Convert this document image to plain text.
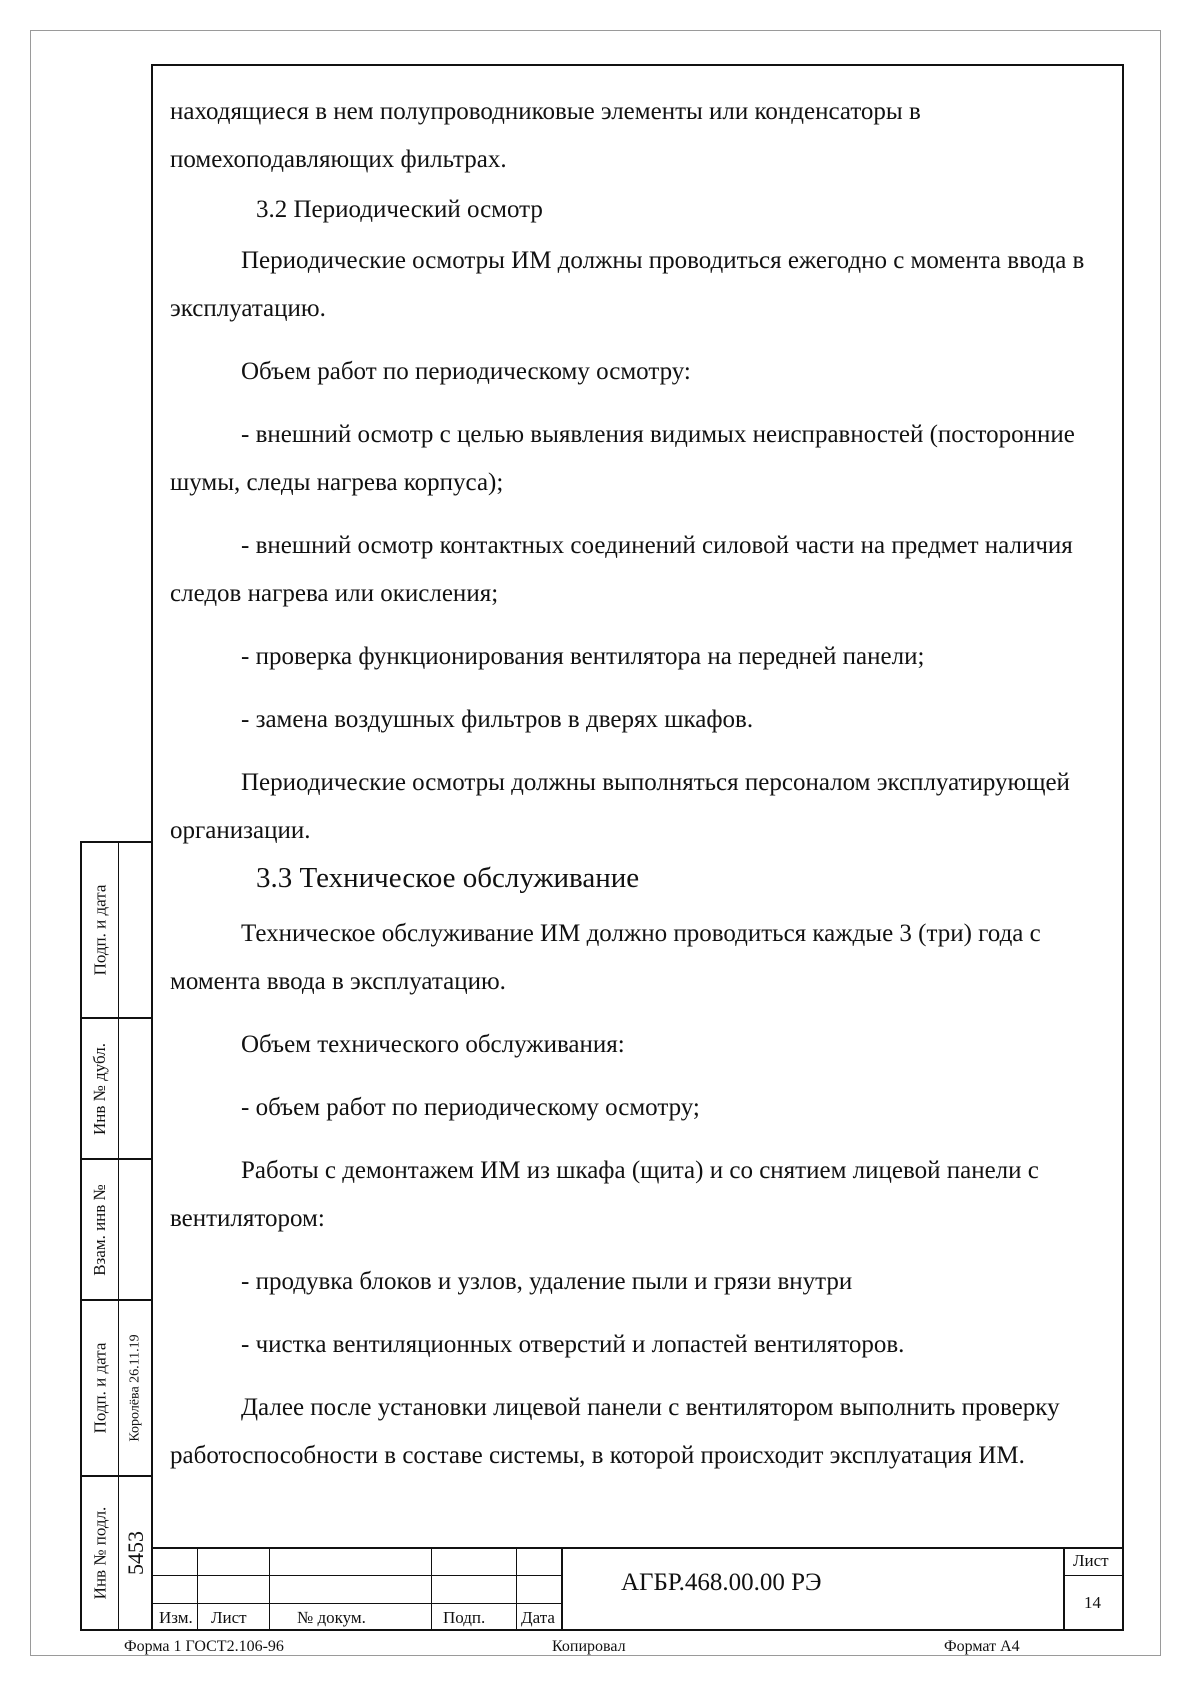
находящиеся в нем полупроводниковые элементы или конденсаторы в помехоподавляющих фильтрах.

3.2 Периодический осмотр

Периодические осмотры ИМ должны проводиться ежегодно с момента ввода в эксплуатацию.

Объем работ по периодическому осмотру:

- внешний осмотр с целью выявления видимых неисправностей (посторонние шумы, следы нагрева корпуса);

- внешний осмотр контактных соединений силовой части на предмет наличия следов нагрева или окисления;

- проверка функционирования вентилятора на передней панели;

- замена воздушных фильтров в дверях шкафов.

Периодические осмотры должны выполняться персоналом эксплуатирующей организации.

3.3 Техническое обслуживание

Техническое обслуживание ИМ должно проводиться каждые 3 (три) года с момента ввода в эксплуатацию.

Объем технического обслуживания:

- объем работ по периодическому осмотру;

Работы с демонтажем ИМ из шкафа (щита) и со снятием лицевой панели с вентилятором:

- продувка блоков и узлов, удаление пыли и грязи внутри

- чистка вентиляционных отверстий и лопастей вентиляторов.

Далее после установки лицевой панели с вентилятором выполнить проверку работоспособности в составе системы, в которой происходит эксплуатация ИМ.

Подп. и дата
Инв № дубл.
Взам. инв №
Подп. и дата Королёва 26.11.19
Инв № подл. 5453
Изм. Лист	№ докум.	Подп. Дата
АГБР.468.00.00 РЭ
Лист
14
Форма 1 ГОСТ2.106-96	Копировал	Формат А4
